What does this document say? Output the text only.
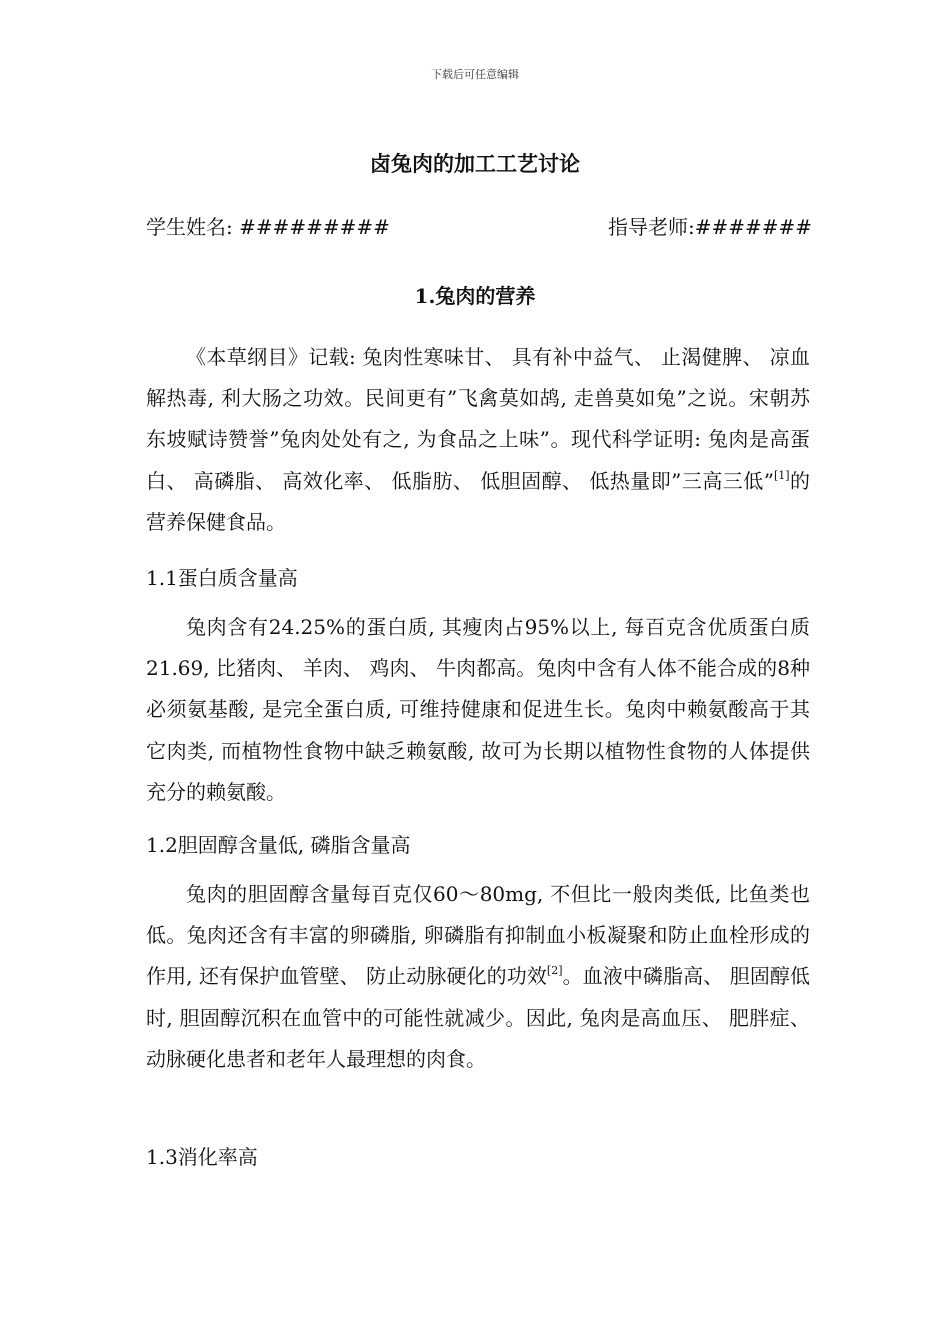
下载后可任意编辑
卤兔肉的加工工艺讨论
学生姓名: #########	指导老师:#######
1.兔肉的营养

《本草纲目》记载: 兔肉性寒味甘、 具有补中益气、 止渴健脾、 凉血解热毒, 利大肠之功效。民间更有”飞禽莫如鸪, 走兽莫如兔”之说。宋朝苏东坡赋诗赞誉”兔肉处处有之, 为食品之上味”。现代科学证明: 兔肉是高蛋白、 高磷脂、 高效化率、 低脂肪、 低胆固醇、 低热量即”三高三低”[1]的营养保健食品。

1.1蛋白质含量高

兔肉含有24.25%的蛋白质, 其瘦肉占95%以上, 每百克含优质蛋白质21.69, 比猪肉、 羊肉、 鸡肉、 牛肉都高。兔肉中含有人体不能合成的8种必须氨基酸, 是完全蛋白质, 可维持健康和促进生长。兔肉中赖氨酸高于其它肉类, 而植物性食物中缺乏赖氨酸, 故可为长期以植物性食物的人体提供充分的赖氨酸。

1.2胆固醇含量低, 磷脂含量高

兔肉的胆固醇含量每百克仅60～80mg, 不但比一般肉类低, 比鱼类也低。兔肉还含有丰富的卵磷脂, 卵磷脂有抑制血小板凝聚和防止血栓形成的作用, 还有保护血管壁、 防止动脉硬化的功效[2]。血液中磷脂高、 胆固醇低时, 胆固醇沉积在血管中的可能性就减少。因此, 兔肉是高血压、 肥胖症、 动脉硬化患者和老年人最理想的肉食。

1.3消化率高
